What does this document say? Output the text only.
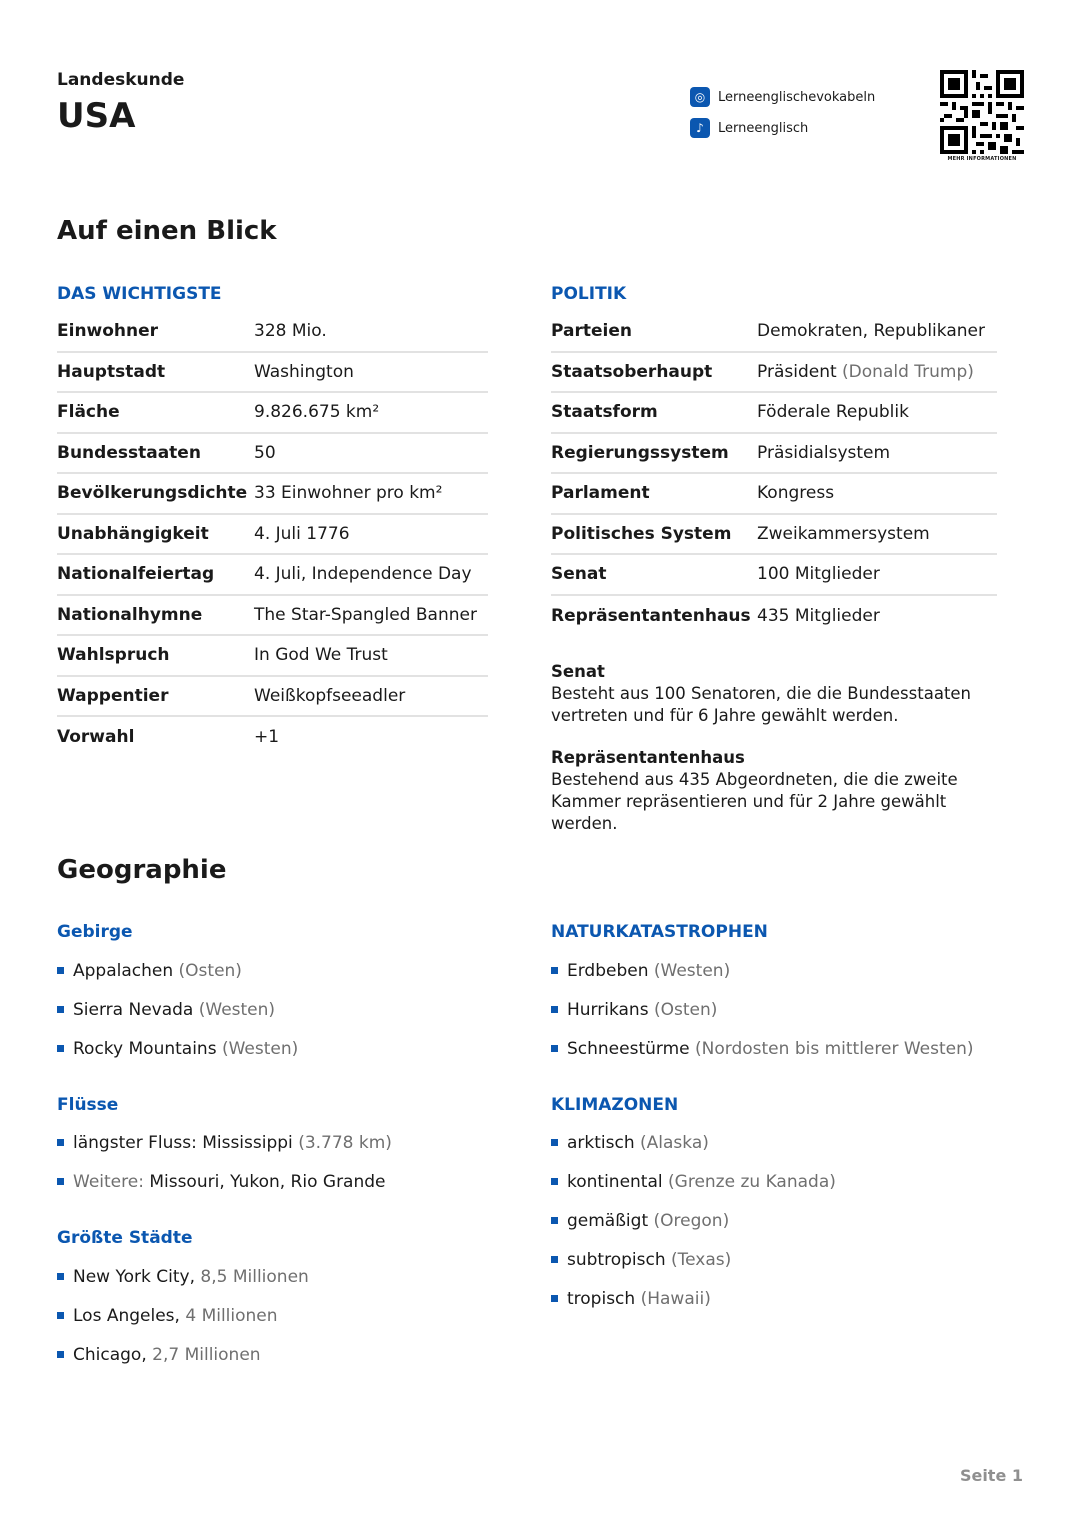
Landeskunde
USA	◎ Lerneenglischevokabeln
♪	Lerneenglisch
MEHR INFORMATIONEN
Auf einen Blick
DAS WICHTIGSTE	POLITIK
Einwohner	328 Mio.
Hauptstadt	Washington
Fläche	9.826.675 km²
Bundesstaaten	50
Bevölkerungsdichte 33 Einwohner pro km²
Unabhängigkeit	4. Juli 1776
Nationalfeiertag	4. Juli, Independence Day
Nationalhymne	The Star-Spangled Banner
Wahlspruch	In God We Trust
Wappentier	Weißkopfseeadler
Vorwahl	+1
Parteien	Demokraten, Republikaner
Staatsoberhaupt	Präsident (Donald Trump)
Staatsform	Föderale Republik
Regierungssystem	Präsidialsystem
Parlament	Kongress
Politisches System	Zweikammersystem
Senat	100 Mitglieder
Repräsentantenhaus 435 Mitglieder
Senat
Besteht aus 100 Senatoren, die die Bundesstaaten vertreten und für 6 Jahre gewählt werden.
Repräsentantenhaus
Bestehend aus 435 Abgeordneten, die die zweite Kammer repräsentieren und für 2 Jahre gewählt werden.
Geographie
Gebirge
Appalachen
(Osten)
Sierra Nevada
(Westen)
Rocky Mountains
(Westen)
Flüsse
längster Fluss: Mississippi
(3.778 km)
Weitere:
Missouri, Yukon, Rio Grande
Größte Städte
New York City,
8,5 Millionen
Los Angeles,
4 Millionen
Chicago,
2,7 Millionen
NATURKATASTROPHEN
Erdbeben
(Westen)
Hurrikans
(Osten)
Schneestürme
(Nordosten bis mittlerer Westen)
KLIMAZONEN
arktisch
(Alaska)
kontinental
(Grenze zu Kanada)
gemäßigt
(Oregon)
subtropisch
(Texas)
tropisch
(Hawaii)
Seite 1
